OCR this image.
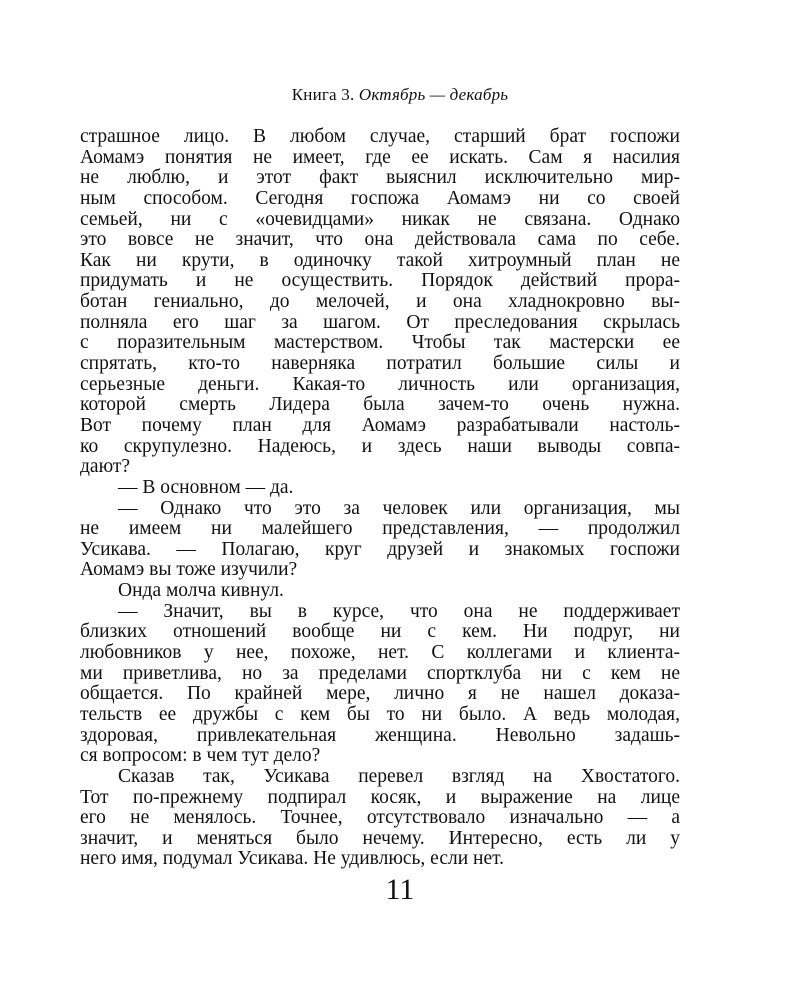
Книга 3. Октябрь — декабрь
страшное лицо. В любом случае, старший брат госпожи
Аомамэ понятия не имеет, где ее искать. Сам я насилия
не люблю, и этот факт выяснил исключительно мир-
ным способом. Сегодня госпожа Аомамэ ни со своей
семьей, ни с «очевидцами» никак не связана. Однако
это вовсе не значит, что она действовала сама по себе.
Как ни крути, в одиночку такой хитроумный план не
придумать и не осуществить. Порядок действий прора-
ботан гениально, до мелочей, и она хладнокровно вы-
полняла его шаг за шагом. От преследования скрылась
с поразительным мастерством. Чтобы так мастерски ее
спрятать, кто-то наверняка потратил большие силы и
серьезные деньги. Какая-то личность или организация,
которой смерть Лидера была зачем-то очень нужна.
Вот почему план для Аомамэ разрабатывали настоль-
ко скрупулезно. Надеюсь, и здесь наши выводы совпа-
дают?
— В основном — да.
— Однако что это за человек или организация, мы
не имеем ни малейшего представления, — продолжил
Усикава. — Полагаю, круг друзей и знакомых госпожи
Аомамэ вы тоже изучили?
Онда молча кивнул.
— Значит, вы в курсе, что она не поддерживает
близких отношений вообще ни с кем. Ни подруг, ни
любовников у нее, похоже, нет. С коллегами и клиента-
ми приветлива, но за пределами спортклуба ни с кем не
общается. По крайней мере, лично я не нашел доказа-
тельств ее дружбы с кем бы то ни было. А ведь молодая,
здоровая, привлекательная женщина. Невольно задашь-
ся вопросом: в чем тут дело?
Сказав так, Усикава перевел взгляд на Хвостатого.
Тот по-прежнему подпирал косяк, и выражение на лице
его не менялось. Точнее, отсутствовало изначально — а
значит, и меняться было нечему. Интересно, есть ли у
него имя, подумал Усикава. Не удивлюсь, если нет.
11
